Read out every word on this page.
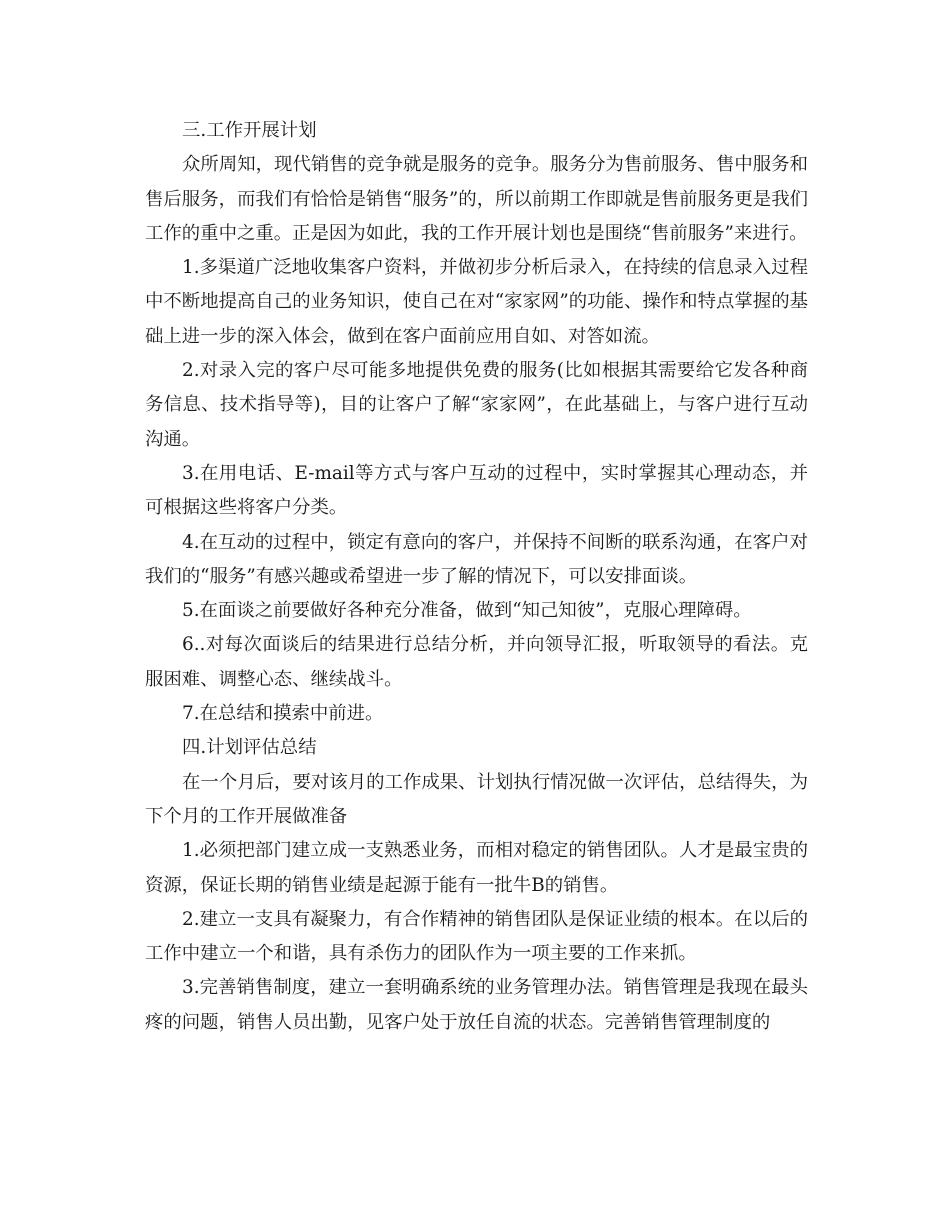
三.工作开展计划

众所周知，现代销售的竞争就是服务的竞争。服务分为售前服务、售中服务和售后服务，而我们有恰恰是销售“服务”的，所以前期工作即就是售前服务更是我们工作的重中之重。正是因为如此，我的工作开展计划也是围绕“售前服务”来进行。

1.多渠道广泛地收集客户资料，并做初步分析后录入，在持续的信息录入过程中不断地提高自己的业务知识，使自己在对“家家网”的功能、操作和特点掌握的基础上进一步的深入体会，做到在客户面前应用自如、对答如流。

2.对录入完的客户尽可能多地提供免费的服务(比如根据其需要给它发各种商务信息、技术指导等)，目的让客户了解“家家网”，在此基础上，与客户进行互动沟通。

3.在用电话、E-mail等方式与客户互动的过程中，实时掌握其心理动态，并可根据这些将客户分类。

4.在互动的过程中，锁定有意向的客户，并保持不间断的联系沟通，在客户对我们的“服务”有感兴趣或希望进一步了解的情况下，可以安排面谈。

5.在面谈之前要做好各种充分准备，做到“知己知彼”，克服心理障碍。

6..对每次面谈后的结果进行总结分析，并向领导汇报，听取领导的看法。克服困难、调整心态、继续战斗。

7.在总结和摸索中前进。

四.计划评估总结

在一个月后，要对该月的工作成果、计划执行情况做一次评估，总结得失，为下个月的工作开展做准备

1.必须把部门建立成一支熟悉业务，而相对稳定的销售团队。人才是最宝贵的资源，保证长期的销售业绩是起源于能有一批牛B的销售。

2.建立一支具有凝聚力，有合作精神的销售团队是保证业绩的根本。在以后的工作中建立一个和谐，具有杀伤力的团队作为一项主要的工作来抓。

3.完善销售制度，建立一套明确系统的业务管理办法。销售管理是我现在最头疼的问题，销售人员出勤，见客户处于放任自流的状态。完善销售管理制度的
